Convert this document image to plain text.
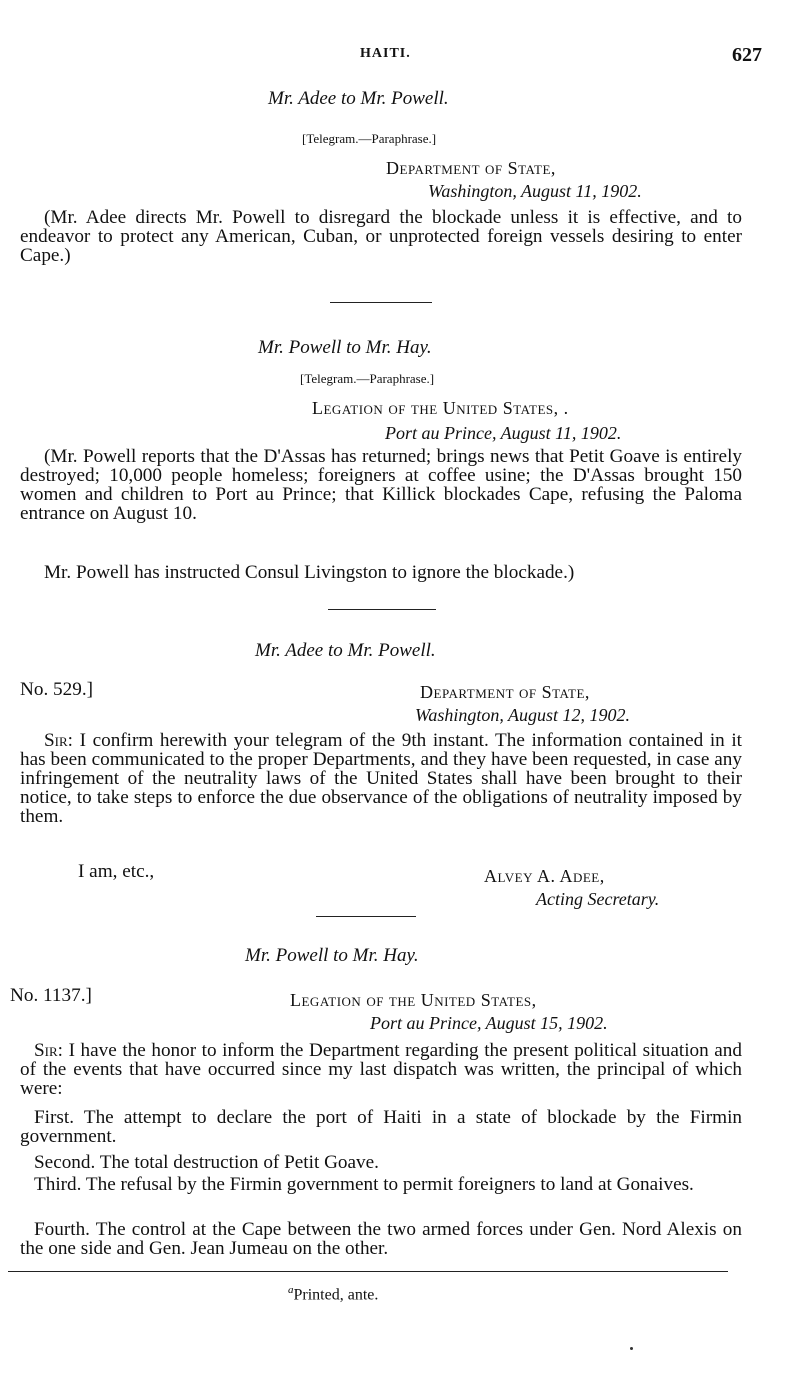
HAITI.	627
Mr. Adee to Mr. Powell.
[Telegram.—Paraphrase.]
Department of State,
Washington, August 11, 1902.
(Mr. Adee directs Mr. Powell to disregard the blockade unless it is effective, and to endeavor to protect any American, Cuban, or unprotected foreign vessels desiring to enter Cape.)
Mr. Powell to Mr. Hay.
[Telegram.—Paraphrase.]
Legation of the United States, .
Port au Prince, August 11, 1902.
(Mr. Powell reports that the D'Assas has returned; brings news that Petit Goave is entirely destroyed; 10,000 people homeless; foreigners at coffee usine; the D'Assas brought 150 women and children to Port au Prince; that Killick blockades Cape, refusing the Paloma entrance on August 10.
Mr. Powell has instructed Consul Livingston to ignore the blockade.)
Mr. Adee to Mr. Powell.
No. 529.]	Department of State,
Washington, August 12, 1902.
Sir: I confirm herewith your telegram of the 9th instant. The information contained in it has been communicated to the proper Departments, and they have been requested, in case any infringement of the neutrality laws of the United States shall have been brought to their notice, to take steps to enforce the due observance of the obligations of neutrality imposed by them.
I am, etc.,	Alvey A. Adee,
Acting Secretary.
Mr. Powell to Mr. Hay.
No. 1137.]	Legation of the United States,
Port au Prince, August 15, 1902.
Sir: I have the honor to inform the Department regarding the present political situation and of the events that have occurred since my last dispatch was written, the principal of which were:
First. The attempt to declare the port of Haiti in a state of blockade by the Firmin government.
Second. The total destruction of Petit Goave.
Third. The refusal by the Firmin government to permit foreigners to land at Gonaives.
Fourth. The control at the Cape between the two armed forces under Gen. Nord Alexis on the one side and Gen. Jean Jumeau on the other.
$^a$Printed, ante.
